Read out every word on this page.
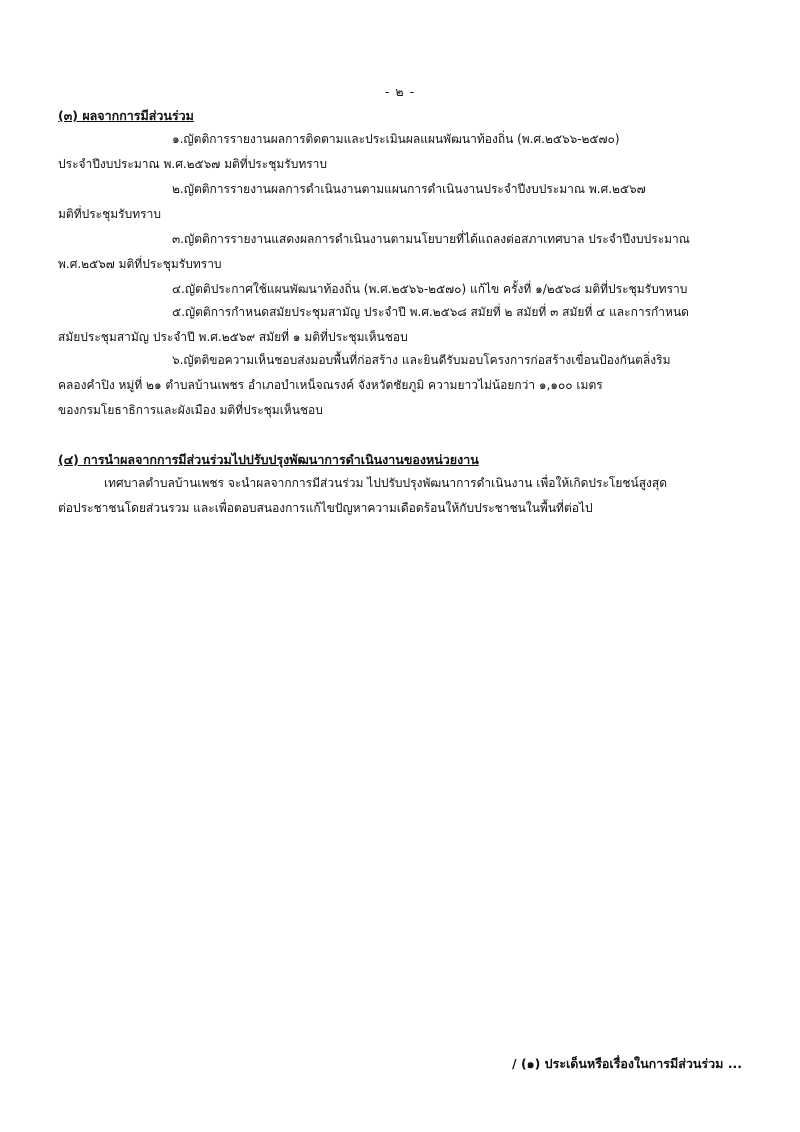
- ๒ -
(๓) ผลจากการมีส่วนร่วม
๑.ญัตติการรายงานผลการติดตามและประเมินผลแผนพัฒนาท้องถิ่น (พ.ศ.๒๕๖๖-๒๕๗๐)
ประจำปีงบประมาณ พ.ศ.๒๕๖๗ มติที่ประชุมรับทราบ
๒.ญัตติการรายงานผลการดำเนินงานตามแผนการดำเนินงานประจำปีงบประมาณ พ.ศ.๒๕๖๗
มติที่ประชุมรับทราบ
๓.ญัตติการรายงานแสดงผลการดำเนินงานตามนโยบายที่ได้แถลงต่อสภาเทศบาล ประจำปีงบประมาณ
พ.ศ.๒๕๖๗ มติที่ประชุมรับทราบ
๔.ญัตติประกาศใช้แผนพัฒนาท้องถิ่น (พ.ศ.๒๕๖๖-๒๕๗๐) แก้ไข ครั้งที่ ๑/๒๕๖๘ มติที่ประชุมรับทราบ
๕.ญัตติการกำหนดสมัยประชุมสามัญ ประจำปี พ.ศ.๒๕๖๘ สมัยที่ ๒ สมัยที่ ๓ สมัยที่ ๔ และการกำหนด
สมัยประชุมสามัญ ประจำปี พ.ศ.๒๕๖๙ สมัยที่ ๑ มติที่ประชุมเห็นชอบ
๖.ญัตติขอความเห็นชอบส่งมอบพื้นที่ก่อสร้าง และยินดีรับมอบโครงการก่อสร้างเขื่อนป้องกันตลิ่งริม
คลองคำปิง หมู่ที่ ๒๑ ตำบลบ้านเพชร อำเภอบำเหน็จณรงค์ จังหวัดชัยภูมิ ความยาวไม่น้อยกว่า ๑,๑๐๐ เมตร
ของกรมโยธาธิการและผังเมือง มติที่ประชุมเห็นชอบ
(๔) การนำผลจากการมีส่วนร่วมไปปรับปรุงพัฒนาการดำเนินงานของหน่วยงาน
เทศบาลตำบลบ้านเพชร จะนำผลจากการมีส่วนร่วม ไปปรับปรุงพัฒนาการดำเนินงาน เพื่อให้เกิดประโยชน์สูงสุด
ต่อประชาชนโดยส่วนรวม และเพื่อตอบสนองการแก้ไขปัญหาความเดือดร้อนให้กับประชาชนในพื้นที่ต่อไป
/ (๑) ประเด็นหรือเรื่องในการมีส่วนร่วม ...
